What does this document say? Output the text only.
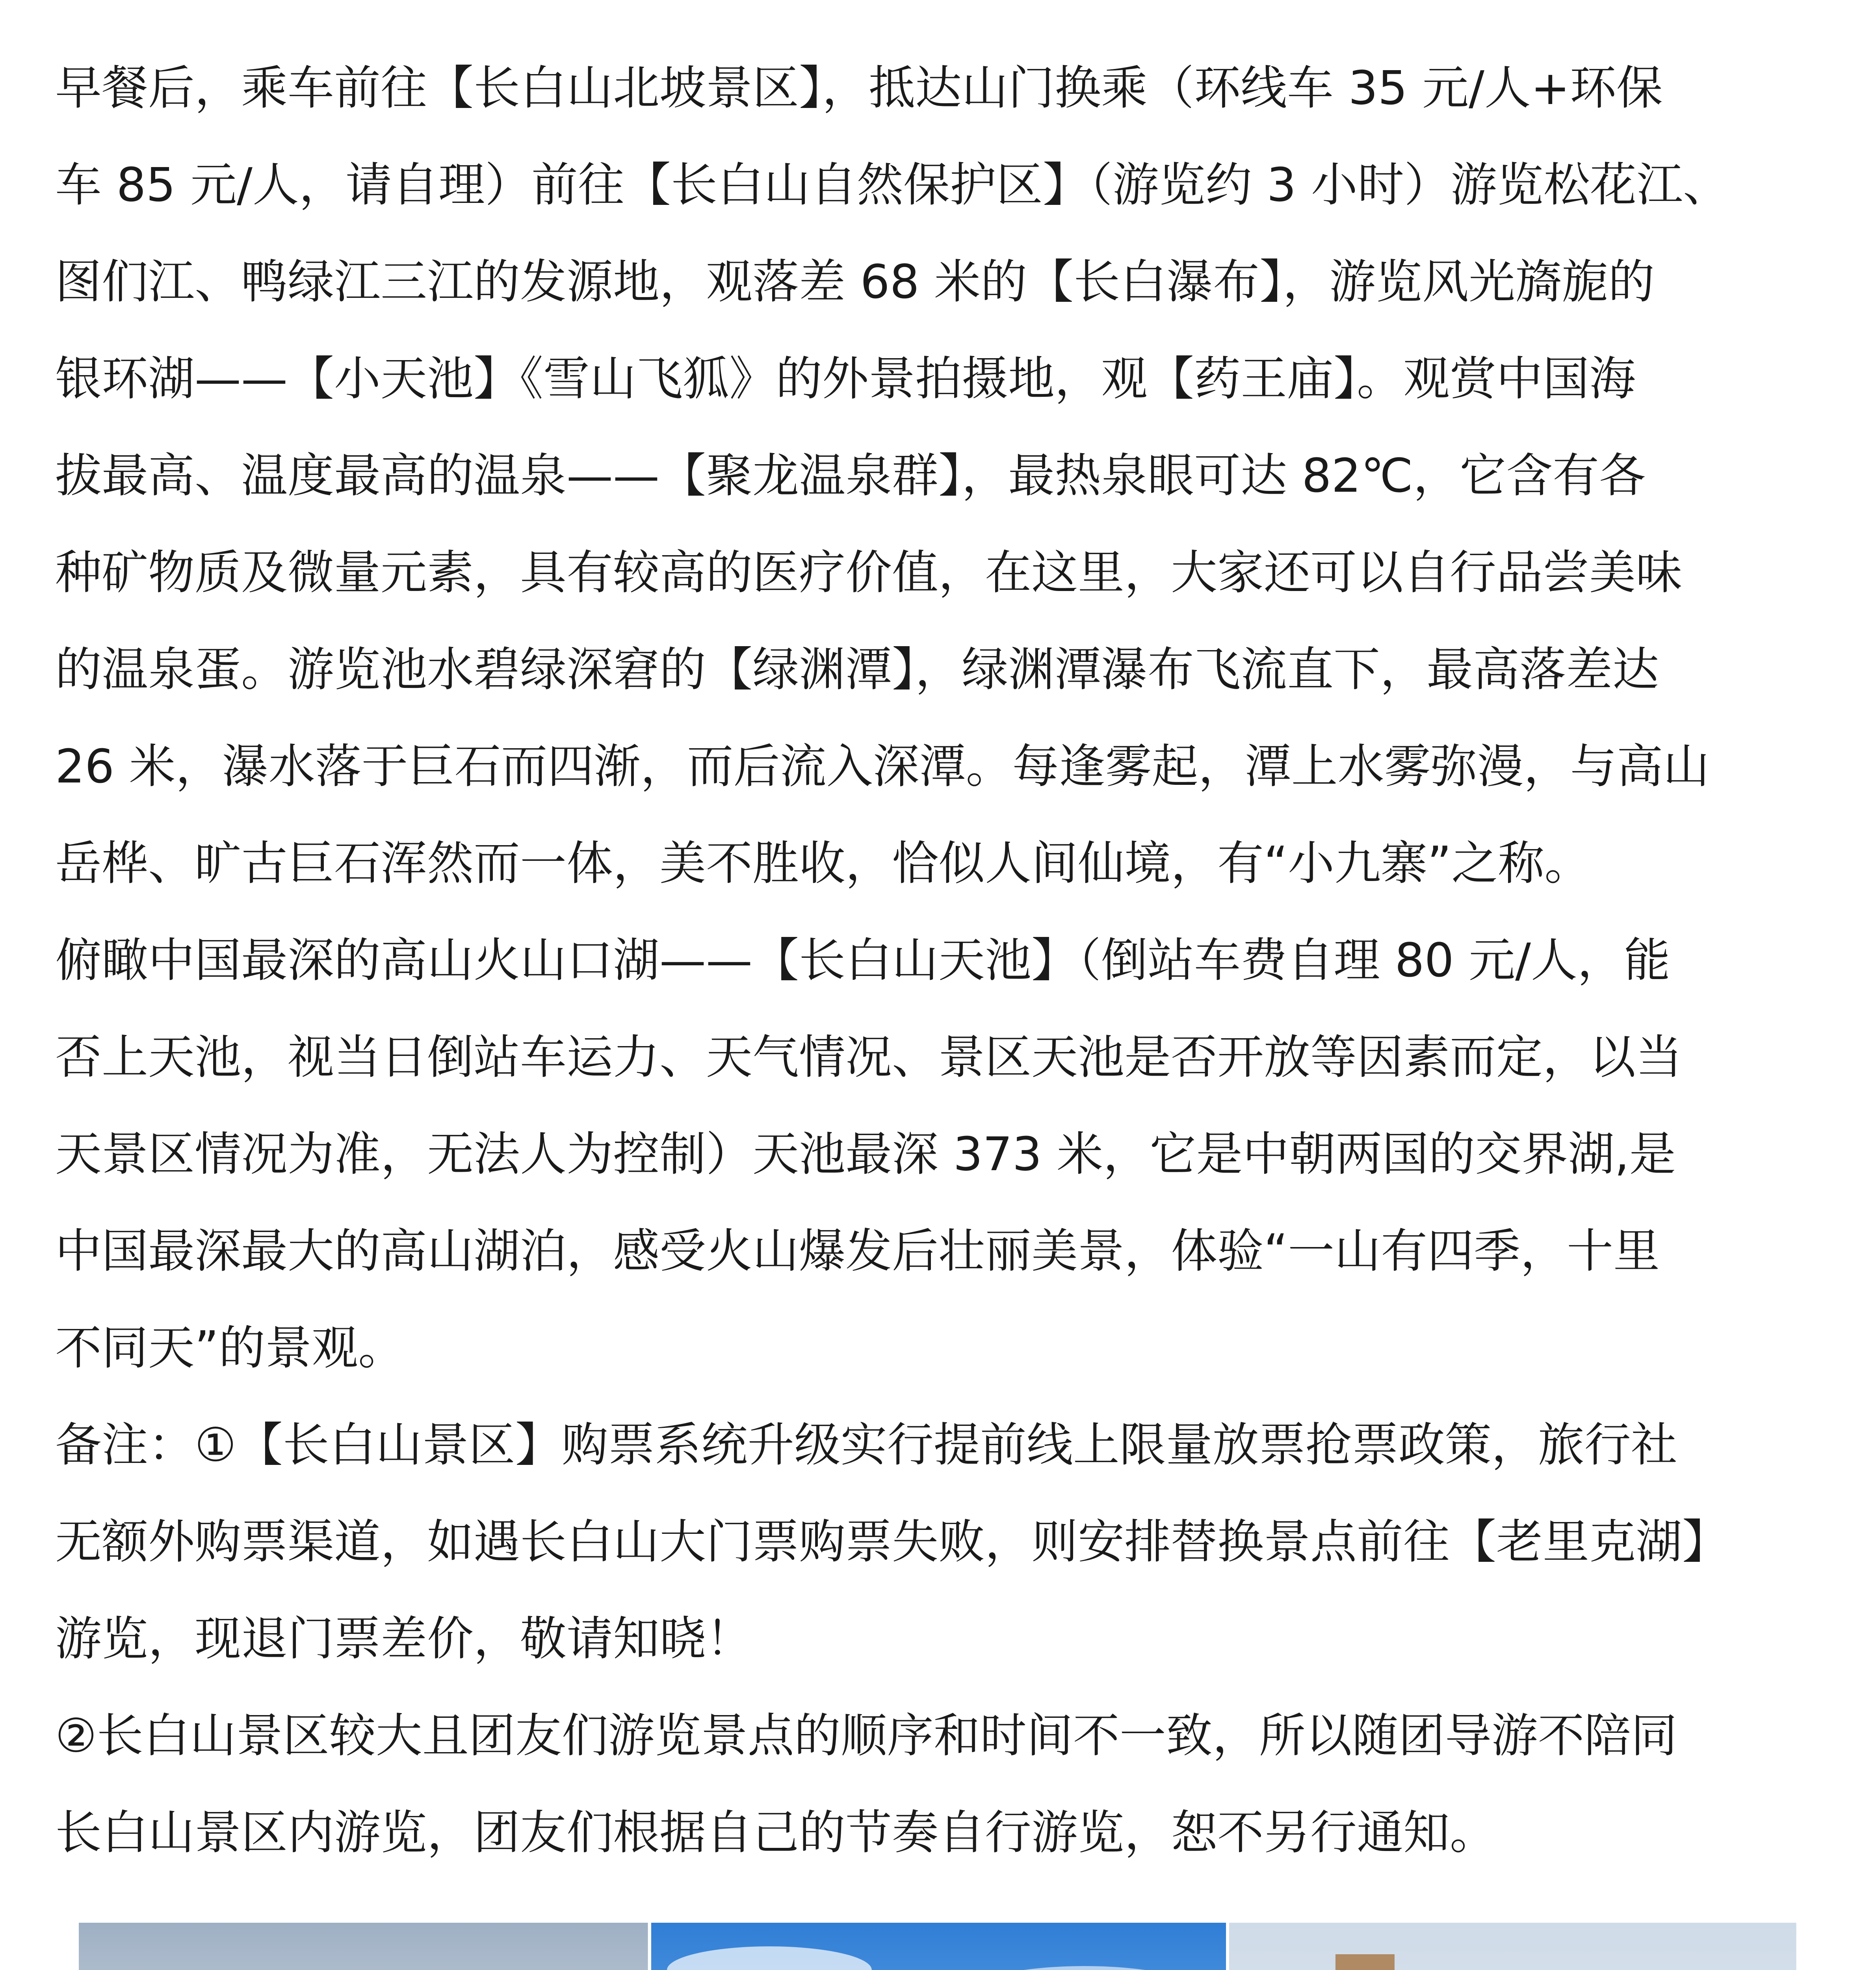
早餐后，乘车前往【长白山北坡景区】，抵达山门换乘（环线车 35 元/人+环保
车 85 元/人，请自理）前往【长白山自然保护区】（游览约 3 小时）游览松花江、
图们江、鸭绿江三江的发源地，观落差 68 米的【长白瀑布】，游览风光旖旎的
银环湖——【小天池】《雪山飞狐》的外景拍摄地，观【药王庙】。观赏中国海
拔最高、温度最高的温泉——【聚龙温泉群】，最热泉眼可达 82℃，它含有各
种矿物质及微量元素，具有较高的医疗价值，在这里，大家还可以自行品尝美味
的温泉蛋。游览池水碧绿深窘的【绿渊潭】，绿渊潭瀑布飞流直下，最高落差达
26 米，瀑水落于巨石而四渐，而后流入深潭。每逢雾起，潭上水雾弥漫，与高山
岳桦、旷古巨石浑然而一体，美不胜收，恰似人间仙境，有“小九寨”之称。
俯瞰中国最深的高山火山口湖——【长白山天池】（倒站车费自理 80 元/人，能
否上天池，视当日倒站车运力、天气情况、景区天池是否开放等因素而定，以当
天景区情况为准，无法人为控制）天池最深 373 米，它是中朝两国的交界湖,是
中国最深最大的高山湖泊，感受火山爆发后壮丽美景，体验“一山有四季，十里
不同天”的景观。
备注：①【长白山景区】购票系统升级实行提前线上限量放票抢票政策，旅行社
无额外购票渠道，如遇长白山大门票购票失败，则安排替换景点前往【老里克湖】
游览，现退门票差价，敬请知晓！
②长白山景区较大且团友们游览景点的顺序和时间不一致，所以随团导游不陪同
长白山景区内游览，团友们根据自己的节奏自行游览，恕不另行通知。
